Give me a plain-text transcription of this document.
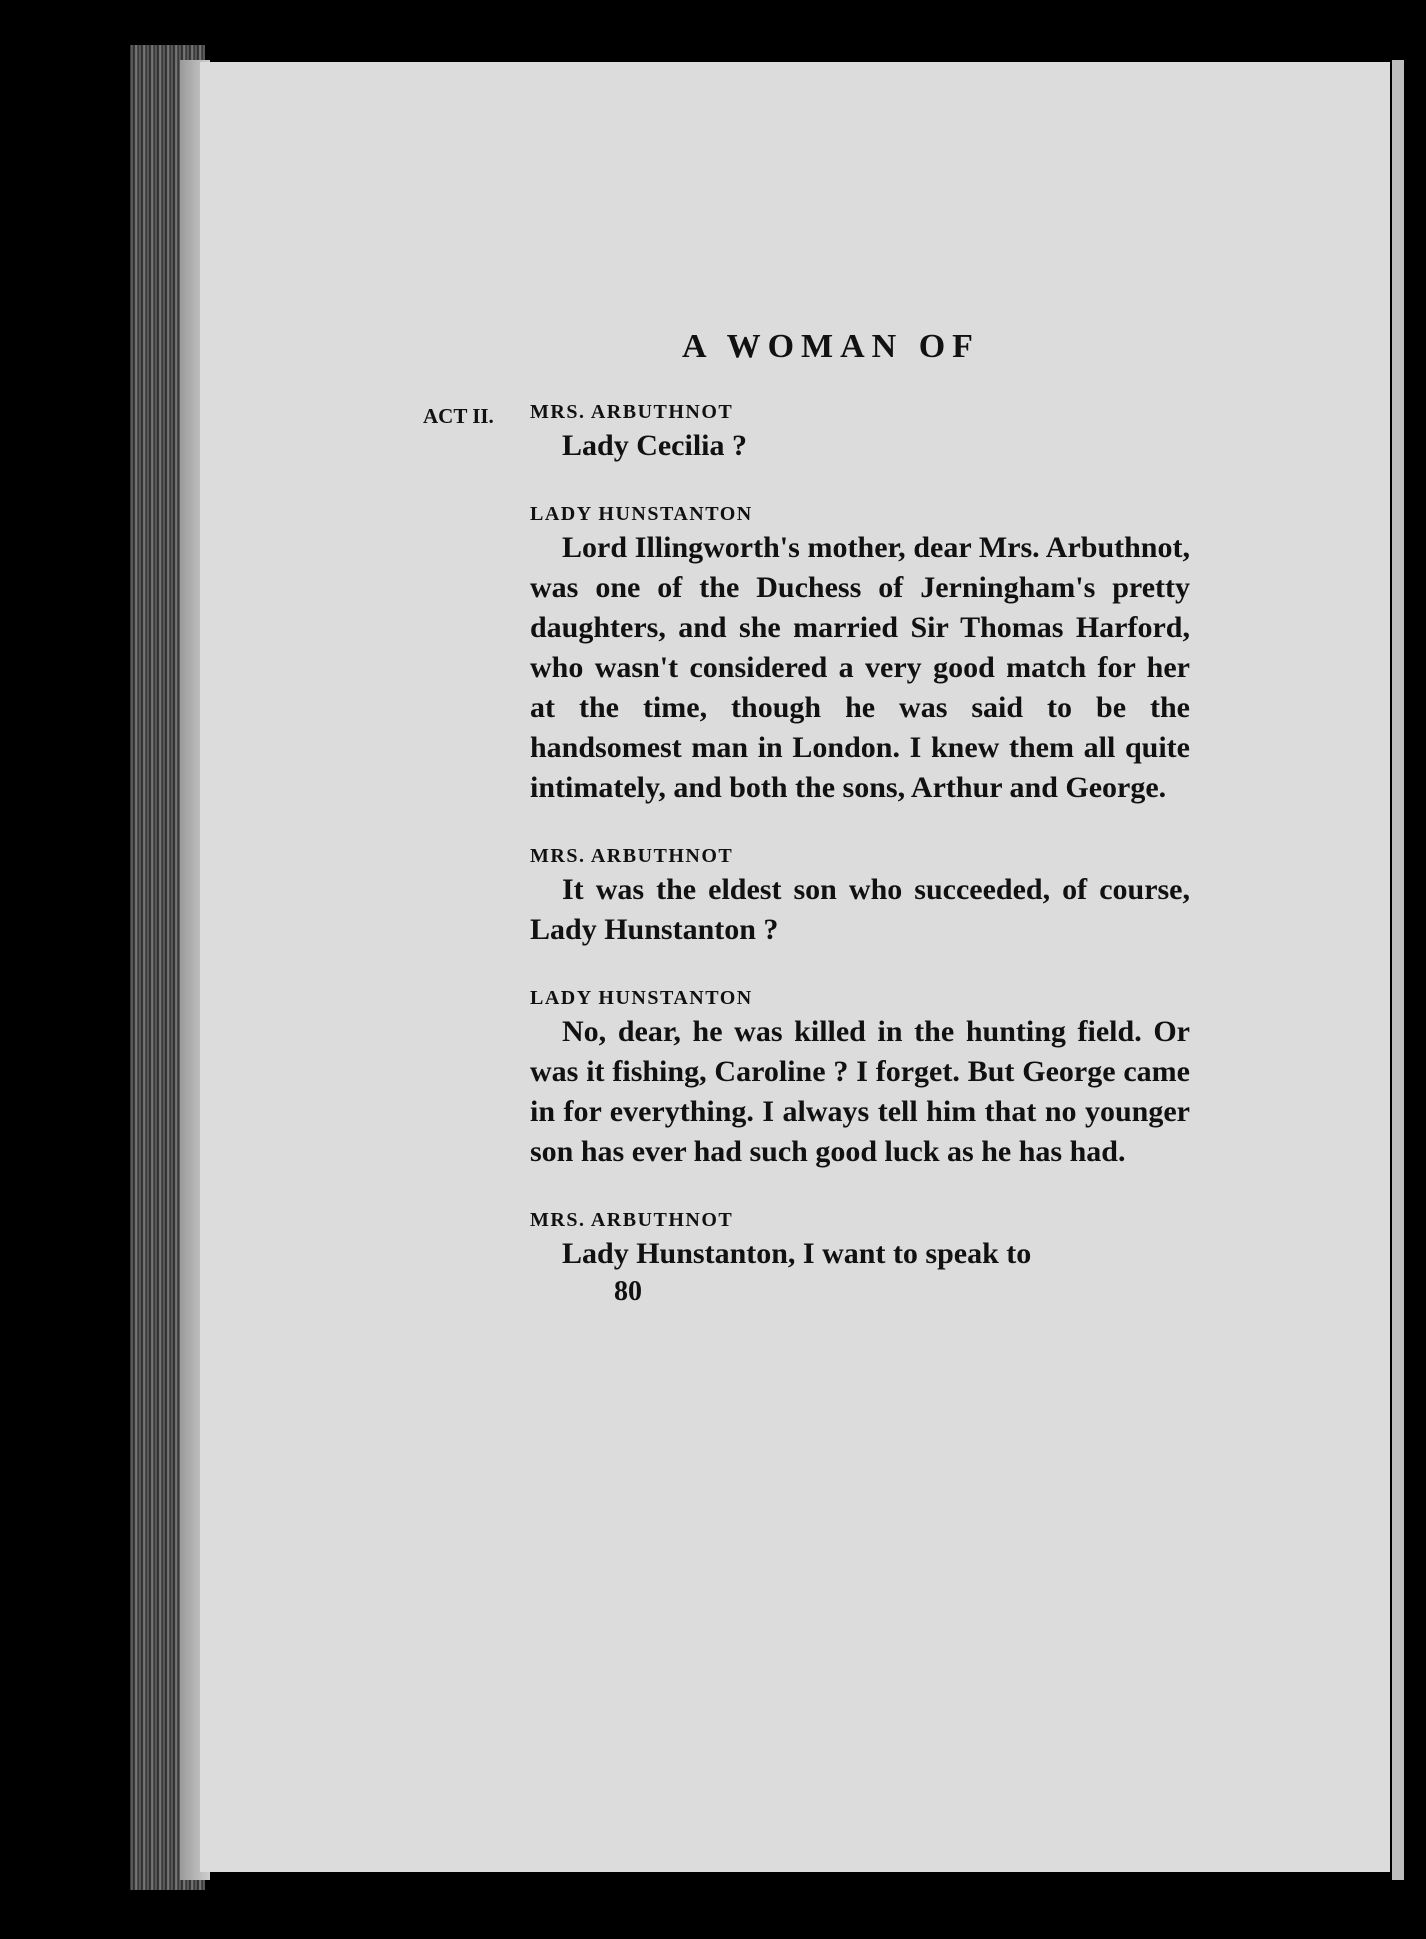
A WOMAN OF
ACT II. MRS. ARBUTHNOT

Lady Cecilia ?

LADY HUNSTANTON

Lord Illingworth's mother, dear Mrs. Arbuthnot, was one of the Duchess of Jerningham's pretty daughters, and she married Sir Thomas Harford, who wasn't considered a very good match for her at the time, though he was said to be the handsomest man in London. I knew them all quite intimately, and both the sons, Arthur and George.

MRS. ARBUTHNOT

It was the eldest son who succeeded, of course, Lady Hunstanton ?

LADY HUNSTANTON

No, dear, he was killed in the hunting field. Or was it fishing, Caroline ? I forget. But George came in for everything. I always tell him that no younger son has ever had such good luck as he has had.

MRS. ARBUTHNOT

Lady Hunstanton, I want to speak to

80
